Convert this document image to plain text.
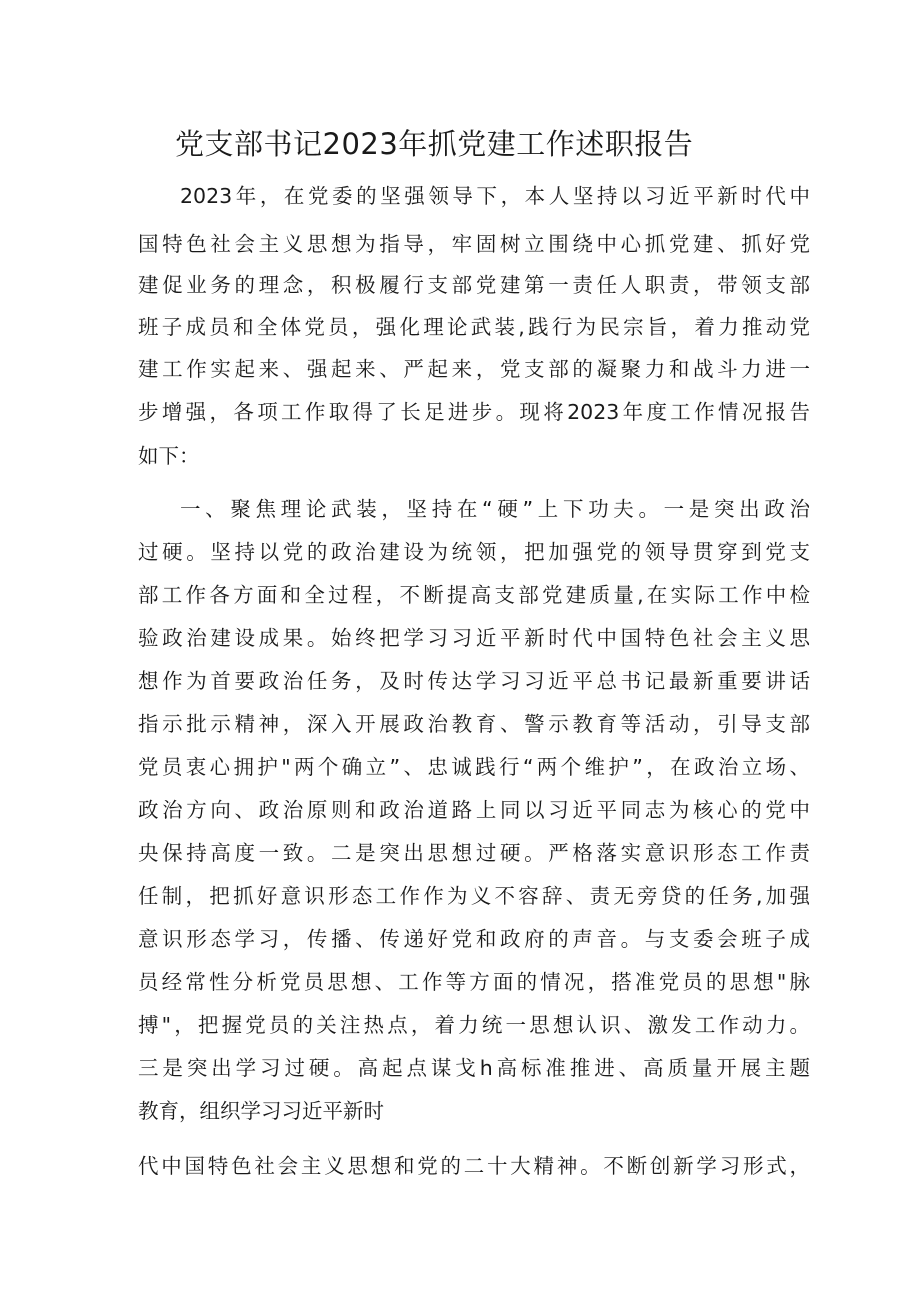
党支部书记2023年抓党建工作述职报告

2023年，在党委的坚强领导下，本人坚持以习近平新时代中

国特色社会主义思想为指导，牢固树立围绕中心抓党建、抓好党

建促业务的理念，积极履行支部党建第一责任人职责，带领支部

班子成员和全体党员，强化理论武装,践行为民宗旨，着力推动党

建工作实起来、强起来、严起来，党支部的凝聚力和战斗力进一

步增强，各项工作取得了长足进步。现将2023年度工作情况报告

如下：

一、聚焦理论武装，坚持在“硬”上下功夫。一是突出政治

过硬。坚持以党的政治建设为统领，把加强党的领导贯穿到党支

部工作各方面和全过程，不断提高支部党建质量,在实际工作中检

验政治建设成果。始终把学习习近平新时代中国特色社会主义思

想作为首要政治任务，及时传达学习习近平总书记最新重要讲话

指示批示精神，深入开展政治教育、警示教育等活动，引导支部

党员衷心拥护"两个确立”、忠诚践行“两个维护”，在政治立场、

政治方向、政治原则和政治道路上同以习近平同志为核心的党中

央保持高度一致。二是突出思想过硬。严格落实意识形态工作责

任制，把抓好意识形态工作作为义不容辞、责无旁贷的任务,加强

意识形态学习，传播、传递好党和政府的声音。与支委会班子成

员经常性分析党员思想、工作等方面的情况，搭准党员的思想"脉

搏"，把握党员的关注热点，着力统一思想认识、激发工作动力。

三是突出学习过硬。高起点谋戈h高标准推进、高质量开展主题

教育，组织学习习近平新时

代中国特色社会主义思想和党的二十大精神。不断创新学习形式，
